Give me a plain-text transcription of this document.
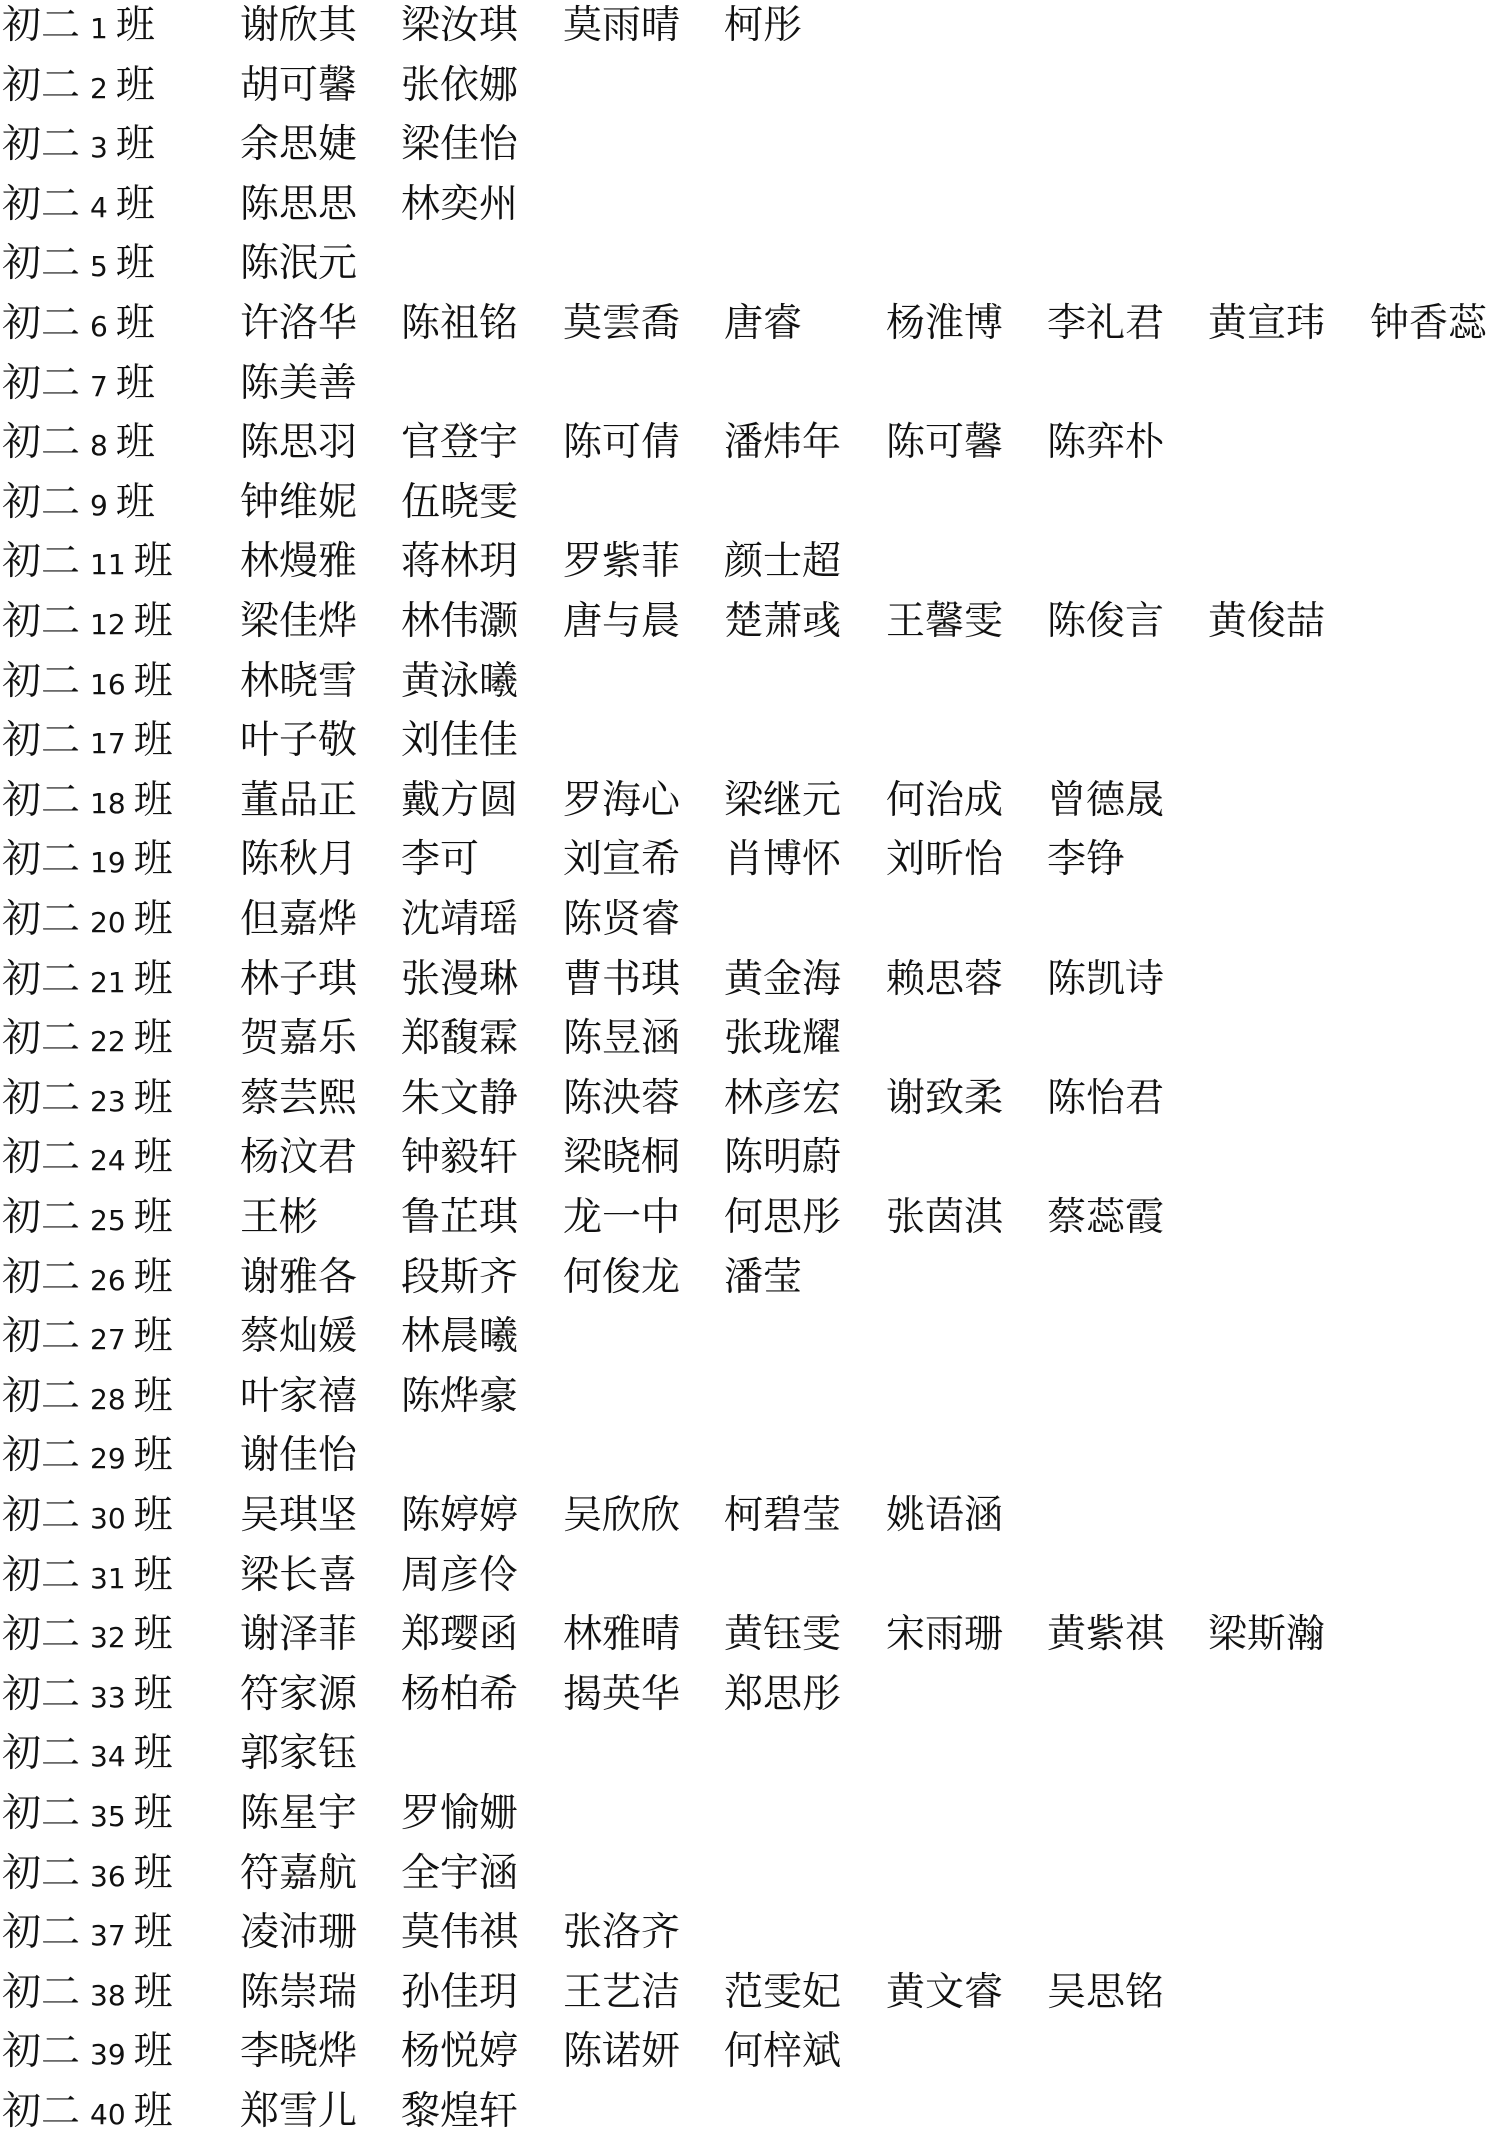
初二 1 班 谢欣其 梁汝琪 莫雨晴 柯彤
初二 2 班 胡可馨 张依娜
初二 3 班 余思婕 梁佳怡
初二 4 班 陈思思 林奕州
初二 5 班 陈泯元
初二 6 班 许洛华 陈祖铭 莫雲喬 唐睿 杨淮博 李礼君 黄宣玮 钟香蕊
初二 7 班 陈美善
初二 8 班 陈思羽 官登宇 陈可倩 潘炜年 陈可馨 陈弈朴
初二 9 班 钟维妮 伍晓雯
初二 11 班 林熳雅 蒋林玥 罗紫菲 颜士超
初二 12 班 梁佳烨 林伟灏 唐与晨 楚萧彧 王馨雯 陈俊言 黄俊喆
初二 16 班 林晓雪 黄泳曦
初二 17 班 叶子敬 刘佳佳
初二 18 班 董品正 戴方圆 罗海心 梁继元 何治成 曾德晟
初二 19 班 陈秋月 李可 刘宣希 肖博怀 刘昕怡 李铮
初二 20 班 但嘉烨 沈靖瑶 陈贤睿
初二 21 班 林子琪 张漫琳 曹书琪 黄金海 赖思蓉 陈凯诗
初二 22 班 贺嘉乐 郑馥霖 陈昱涵 张珑耀
初二 23 班 蔡芸熙 朱文静 陈泱蓉 林彦宏 谢致柔 陈怡君
初二 24 班 杨汶君 钟毅轩 梁晓桐 陈明蔚
初二 25 班 王彬 鲁芷琪 龙一中 何思彤 张茵淇 蔡蕊霞
初二 26 班 谢雅各 段斯齐 何俊龙 潘莹
初二 27 班 蔡灿媛 林晨曦
初二 28 班 叶家禧 陈烨豪
初二 29 班 谢佳怡
初二 30 班 吴琪坚 陈婷婷 吴欣欣 柯碧莹 姚语涵
初二 31 班 梁长喜 周彦伶
初二 32 班 谢泽菲 郑璎函 林雅晴 黄钰雯 宋雨珊 黄紫祺 梁斯瀚
初二 33 班 符家源 杨柏希 揭英华 郑思彤
初二 34 班 郭家钰
初二 35 班 陈星宇 罗愉姗
初二 36 班 符嘉航 全宇涵
初二 37 班 凌沛珊 莫伟祺 张洛齐
初二 38 班 陈崇瑞 孙佳玥 王艺洁 范雯妃 黄文睿 吴思铭
初二 39 班 李晓烨 杨悦婷 陈诺妍 何梓斌
初二 40 班 郑雪儿 黎煌轩
